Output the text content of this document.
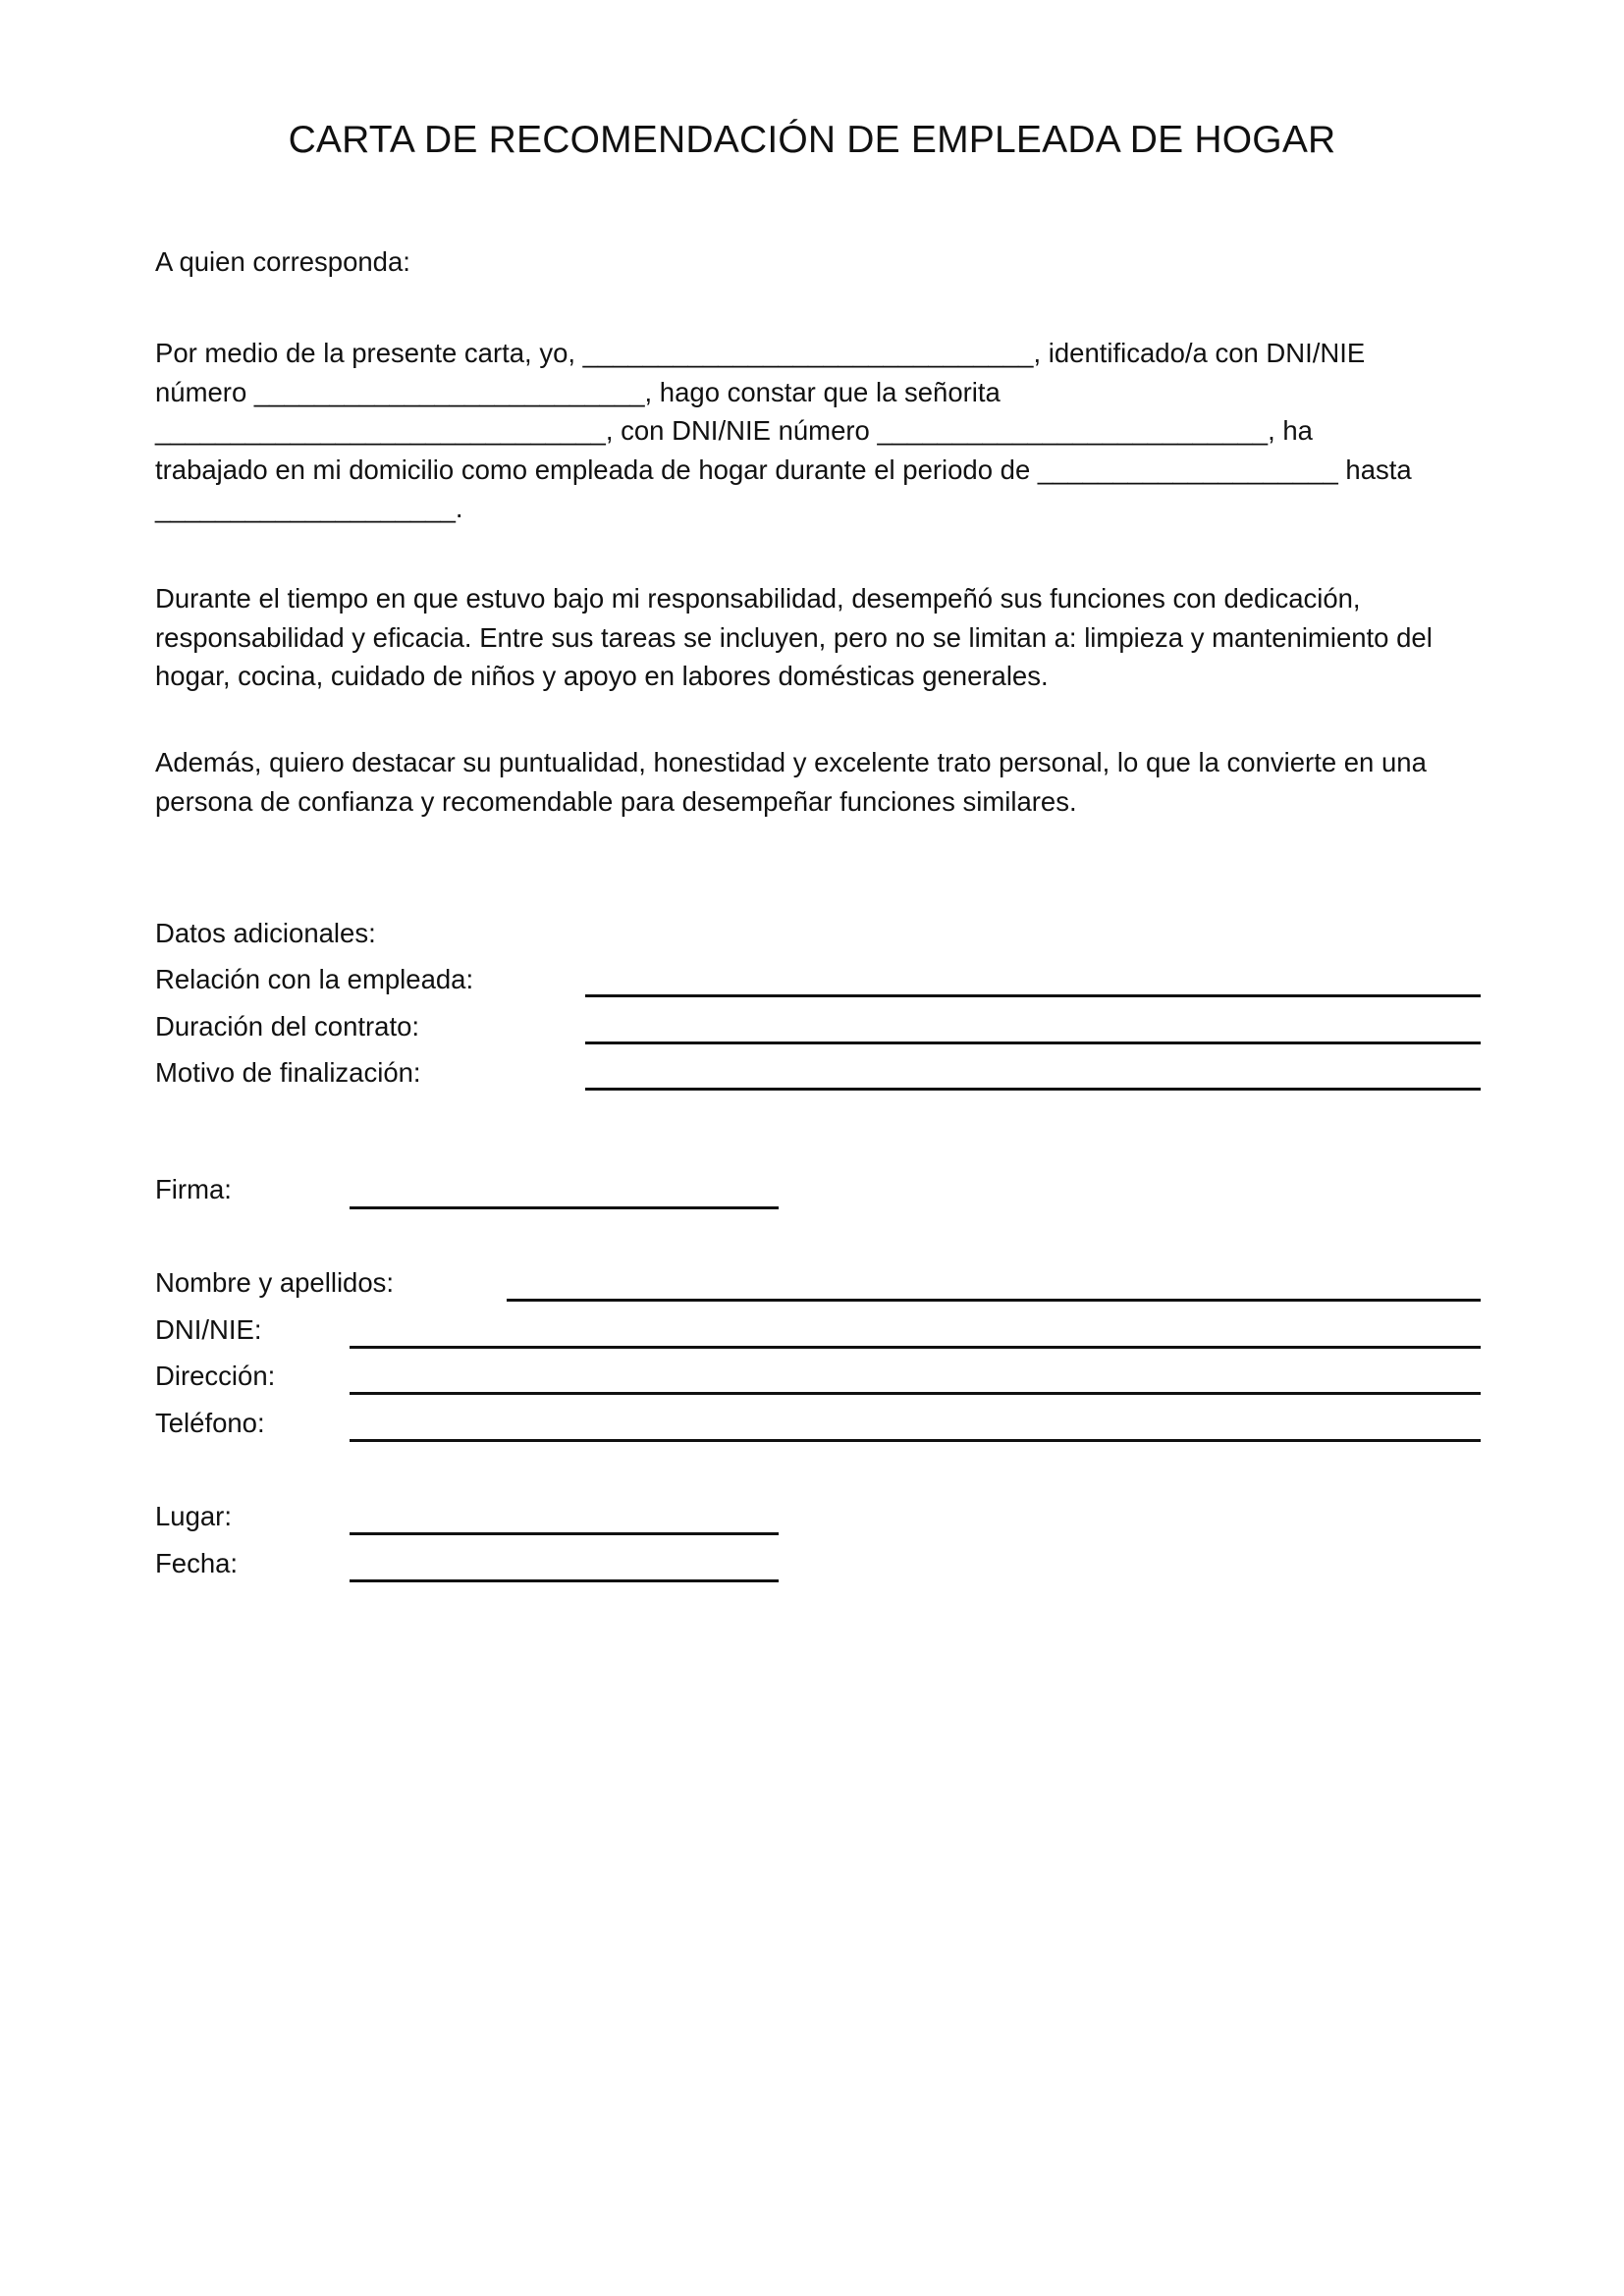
CARTA DE RECOMENDACIÓN DE EMPLEADA DE HOGAR

A quien corresponda:

Por medio de la presente carta, yo, ______________________________, identificado/a con DNI/NIE
número __________________________, hago constar que la señorita
______________________________, con DNI/NIE número __________________________, ha
trabajado en mi domicilio como empleada de hogar durante el periodo de ____________________ hasta
____________________.
Durante el tiempo en que estuvo bajo mi responsabilidad, desempeñó sus funciones con dedicación,
responsabilidad y eficacia. Entre sus tareas se incluyen, pero no se limitan a: limpieza y mantenimiento del
hogar, cocina, cuidado de niños y apoyo en labores domésticas generales.
Además, quiero destacar su puntualidad, honestidad y excelente trato personal, lo que la convierte en una
persona de confianza y recomendable para desempeñar funciones similares.
Datos adicionales:
Relación con la empleada:
Duración del contrato:
Motivo de finalización:
Firma:
Nombre y apellidos:
DNI/NIE:
Dirección:
Teléfono:
Lugar:
Fecha:
